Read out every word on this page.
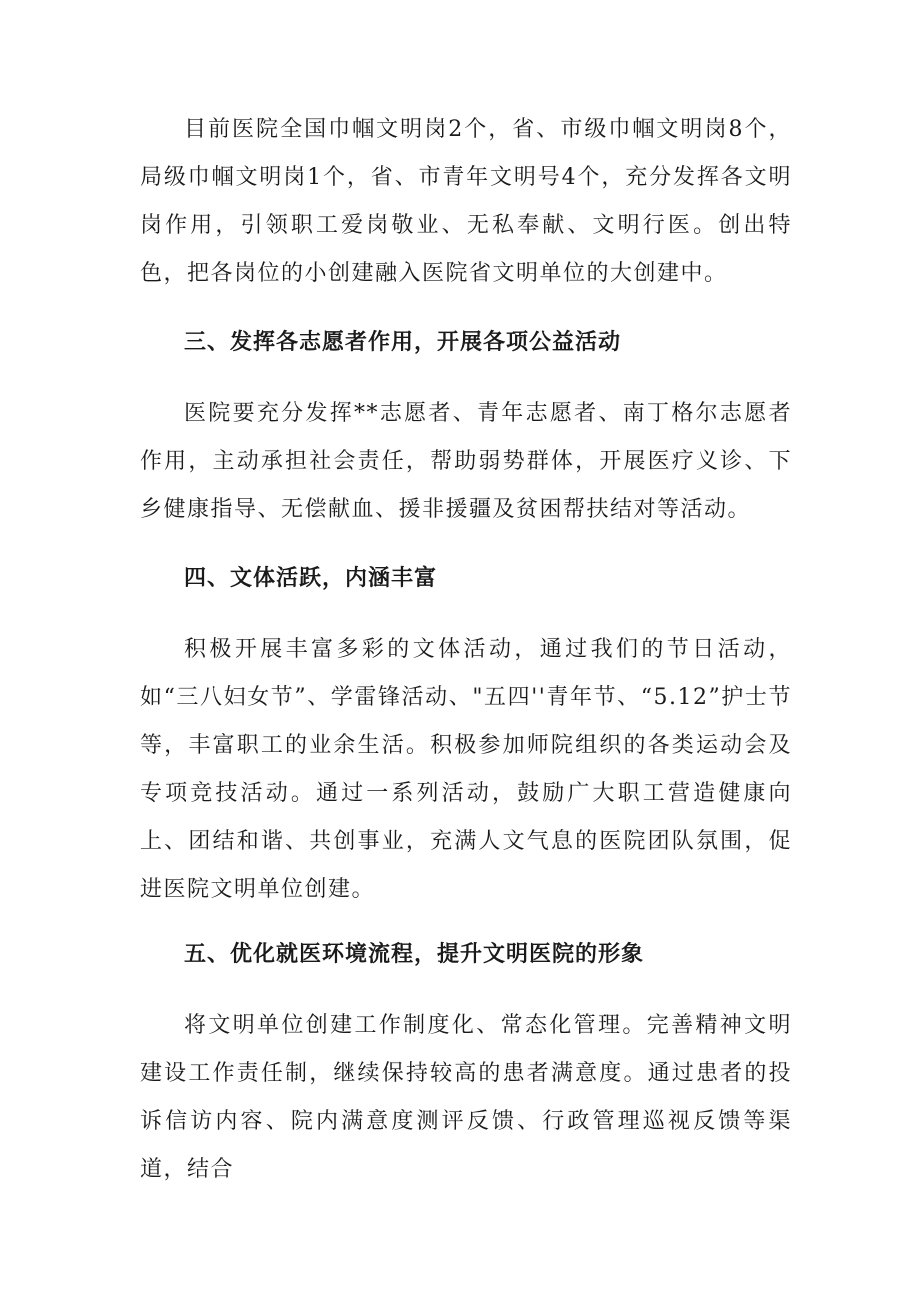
目前医院全国巾帼文明岗2个，省、市级巾帼文明岗8个，局级巾帼文明岗1个，省、市青年文明号4个，充分发挥各文明岗作用，引领职工爱岗敬业、无私奉献、文明行医。创出特色，把各岗位的小创建融入医院省文明单位的大创建中。

三、发挥各志愿者作用，开展各项公益活动

医院要充分发挥**志愿者、青年志愿者、南丁格尔志愿者作用，主动承担社会责任，帮助弱势群体，开展医疗义诊、下乡健康指导、无偿献血、援非援疆及贫困帮扶结对等活动。

四、文体活跃，内涵丰富

积极开展丰富多彩的文体活动，通过我们的节日活动，如“三八妇女节”、学雷锋活动、"五四''青年节、“5.12”护士节等，丰富职工的业余生活。积极参加师院组织的各类运动会及专项竞技活动。通过一系列活动，鼓励广大职工营造健康向上、团结和谐、共创事业，充满人文气息的医院团队氛围，促进医院文明单位创建。

五、优化就医环境流程，提升文明医院的形象

将文明单位创建工作制度化、常态化管理。完善精神文明建设工作责任制，继续保持较高的患者满意度。通过患者的投诉信访内容、院内满意度测评反馈、行政管理巡视反馈等渠道，结合
